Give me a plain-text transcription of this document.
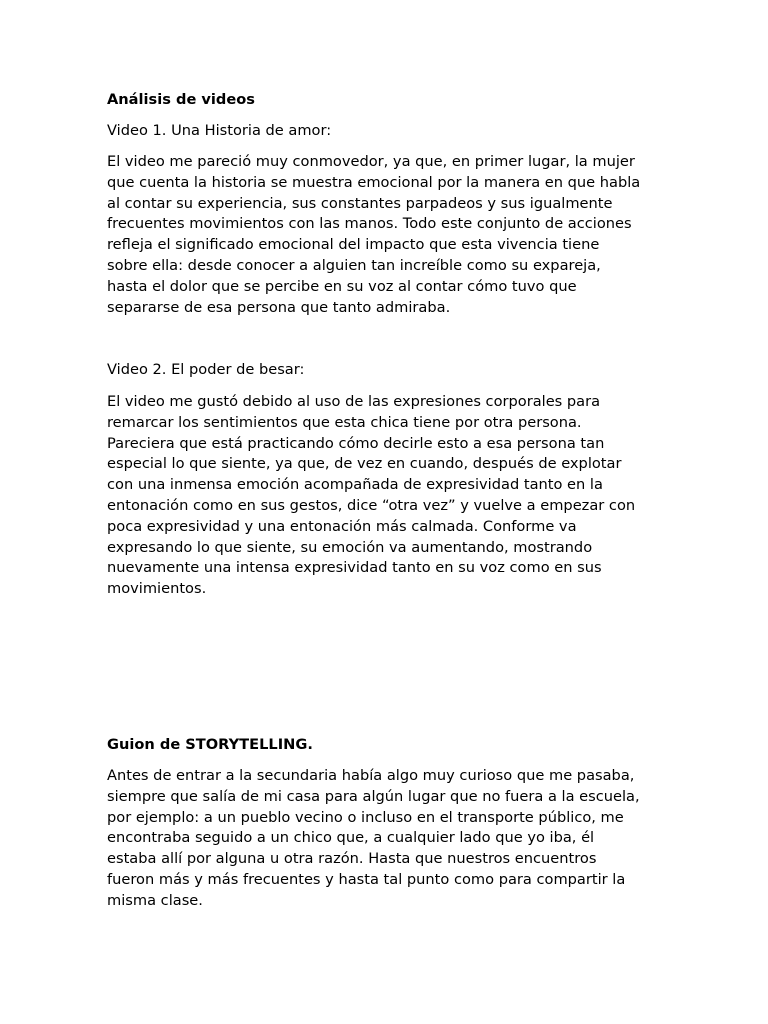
Análisis de videos
Video 1. Una Historia de amor:
El video me pareció muy conmovedor, ya que, en primer lugar, la mujer
que cuenta la historia se muestra emocional por la manera en que habla
al contar su experiencia, sus constantes parpadeos y sus igualmente
frecuentes movimientos con las manos. Todo este conjunto de acciones
refleja el significado emocional del impacto que esta vivencia tiene
sobre ella: desde conocer a alguien tan increíble como su expareja,
hasta el dolor que se percibe en su voz al contar cómo tuvo que
separarse de esa persona que tanto admiraba.
Video 2. El poder de besar:
El video me gustó debido al uso de las expresiones corporales para
remarcar los sentimientos que esta chica tiene por otra persona.
Pareciera que está practicando cómo decirle esto a esa persona tan
especial lo que siente, ya que, de vez en cuando, después de explotar
con una inmensa emoción acompañada de expresividad tanto en la
entonación como en sus gestos, dice “otra vez” y vuelve a empezar con
poca expresividad y una entonación más calmada. Conforme va
expresando lo que siente, su emoción va aumentando, mostrando
nuevamente una intensa expresividad tanto en su voz como en sus
movimientos.
Guion de STORYTELLING.
Antes de entrar a la secundaria había algo muy curioso que me pasaba,
siempre que salía de mi casa para algún lugar que no fuera a la escuela,
por ejemplo: a un pueblo vecino o incluso en el transporte público, me
encontraba seguido a un chico que, a cualquier lado que yo iba, él
estaba allí por alguna u otra razón. Hasta que nuestros encuentros
fueron más y más frecuentes y hasta tal punto como para compartir la
misma clase.
